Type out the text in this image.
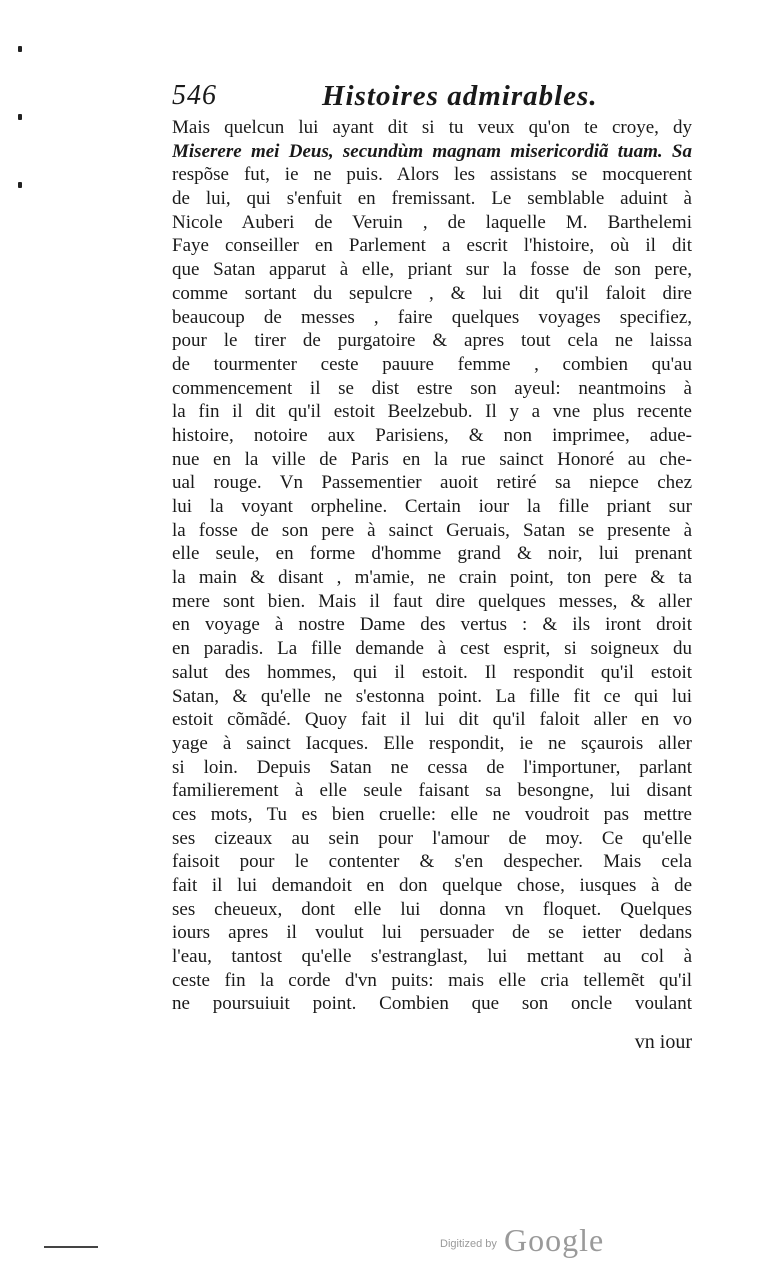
546	Histoires admirables.
Mais quelcun lui ayant dit si tu veux qu'on te croye, dy
Miserere mei Deus, secundùm magnam misericordiã tuam. Sa
respõse fut, ie ne puis. Alors les assistans se mocquerent
de lui, qui s'enfuit en fremissant. Le semblable aduint à
Nicole Auberi de Veruin , de laquelle M. Barthelemi
Faye conseiller en Parlement a escrit l'histoire, où il dit
que Satan apparut à elle, priant sur la fosse de son pere,
comme sortant du sepulcre , & lui dit qu'il faloit dire
beaucoup de messes , faire quelques voyages specifiez,
pour le tirer de purgatoire & apres tout cela ne laissa
de tourmenter ceste pauure femme , combien qu'au
commencement il se dist estre son ayeul: neantmoins à
la fin il dit qu'il estoit Beelzebub. Il y a vne plus recente
histoire, notoire aux Parisiens, & non imprimee, adue-
nue en la ville de Paris en la rue sainct Honoré au che-
ual rouge. Vn Passementier auoit retiré sa niepce chez
lui la voyant orpheline. Certain iour la fille priant sur
la fosse de son pere à sainct Geruais, Satan se presente à
elle seule, en forme d'homme grand & noir, lui prenant
la main & disant , m'amie, ne crain point, ton pere & ta
mere sont bien. Mais il faut dire quelques messes, & aller
en voyage à nostre Dame des vertus : & ils iront droit
en paradis. La fille demande à cest esprit, si soigneux du
salut des hommes, qui il estoit. Il respondit qu'il estoit
Satan, & qu'elle ne s'estonna point. La fille fit ce qui lui
estoit cõmãdé. Quoy fait il lui dit qu'il faloit aller en vo
yage à sainct Iacques. Elle respondit, ie ne sçaurois aller
si loin. Depuis Satan ne cessa de l'importuner, parlant
familierement à elle seule faisant sa besongne, lui disant
ces mots, Tu es bien cruelle: elle ne voudroit pas mettre
ses cizeaux au sein pour l'amour de moy. Ce qu'elle
faisoit pour le contenter & s'en despecher. Mais cela
fait il lui demandoit en don quelque chose, iusques à de
ses cheueux, dont elle lui donna vn floquet. Quelques
iours apres il voulut lui persuader de se ietter dedans
l'eau, tantost qu'elle s'estranglast, lui mettant au col à
ceste fin la corde d'vn puits: mais elle cria tellemẽt qu'il
ne poursuiuit point. Combien que son oncle voulant
vn iour
Digitized by Google
